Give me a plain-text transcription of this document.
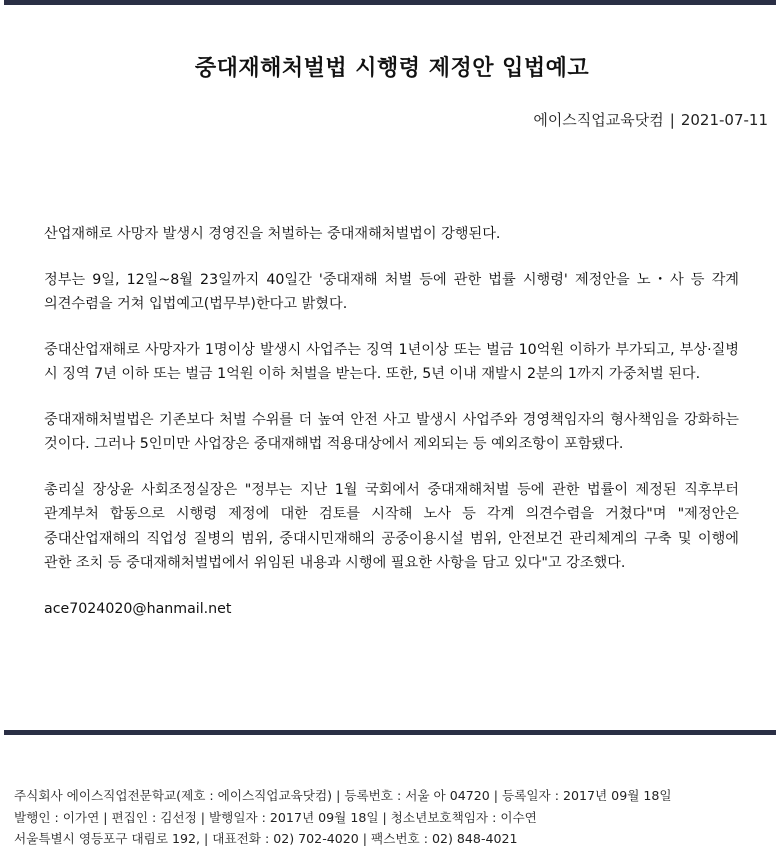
중대재해처벌법 시행령 제정안 입법예고
에이스직업교육닷컴 | 2021-07-11

산업재해로 사망자 발생시 경영진을 처벌하는 중대재해처벌법이 강행된다.

정부는 9일, 12일~8월 23일까지 40일간 '중대재해 처벌 등에 관한 법률 시행령' 제정안을 노・사 등 각계 의견수렴을 거쳐 입법예고(법무부)한다고 밝혔다.

중대산업재해로 사망자가 1명이상 발생시 사업주는 징역 1년이상 또는 벌금 10억원 이하가 부가되고, 부상·질병 시 징역 7년 이하 또는 벌금 1억원 이하 처벌을 받는다. 또한, 5년 이내 재발시 2분의 1까지 가중처벌 된다.

중대재해처벌법은 기존보다 처벌 수위를 더 높여 안전 사고 발생시 사업주와 경영책임자의 형사책임을 강화하는 것이다. 그러나 5인미만 사업장은 중대재해법 적용대상에서 제외되는 등 예외조항이 포함됐다.

총리실 장상윤 사회조정실장은 "정부는 지난 1월 국회에서 중대재해처벌 등에 관한 법률이 제정된 직후부터 관계부처 합동으로 시행령 제정에 대한 검토를 시작해 노사 등 각계 의견수렴을 거쳤다"며 "제정안은 중대산업재해의 직업성 질병의 범위, 중대시민재해의 공중이용시설 범위, 안전보건 관리체계의 구축 및 이행에 관한 조치 등 중대재해처벌법에서 위임된 내용과 시행에 필요한 사항을 담고 있다"고 강조했다.

ace7024020@hanmail.net

주식회사 에이스직업전문학교(제호 : 에이스직업교육닷컴) | 등록번호 : 서울 아 04720 | 등록일자 : 2017년 09월 18일
발행인 : 이가연 | 편집인 : 김선정 | 발행일자 : 2017년 09월 18일 | 청소년보호책임자 : 이수연
서울특별시 영등포구 대림로 192, | 대표전화 : 02) 702-4020 | 팩스번호 : 02) 848-4021
